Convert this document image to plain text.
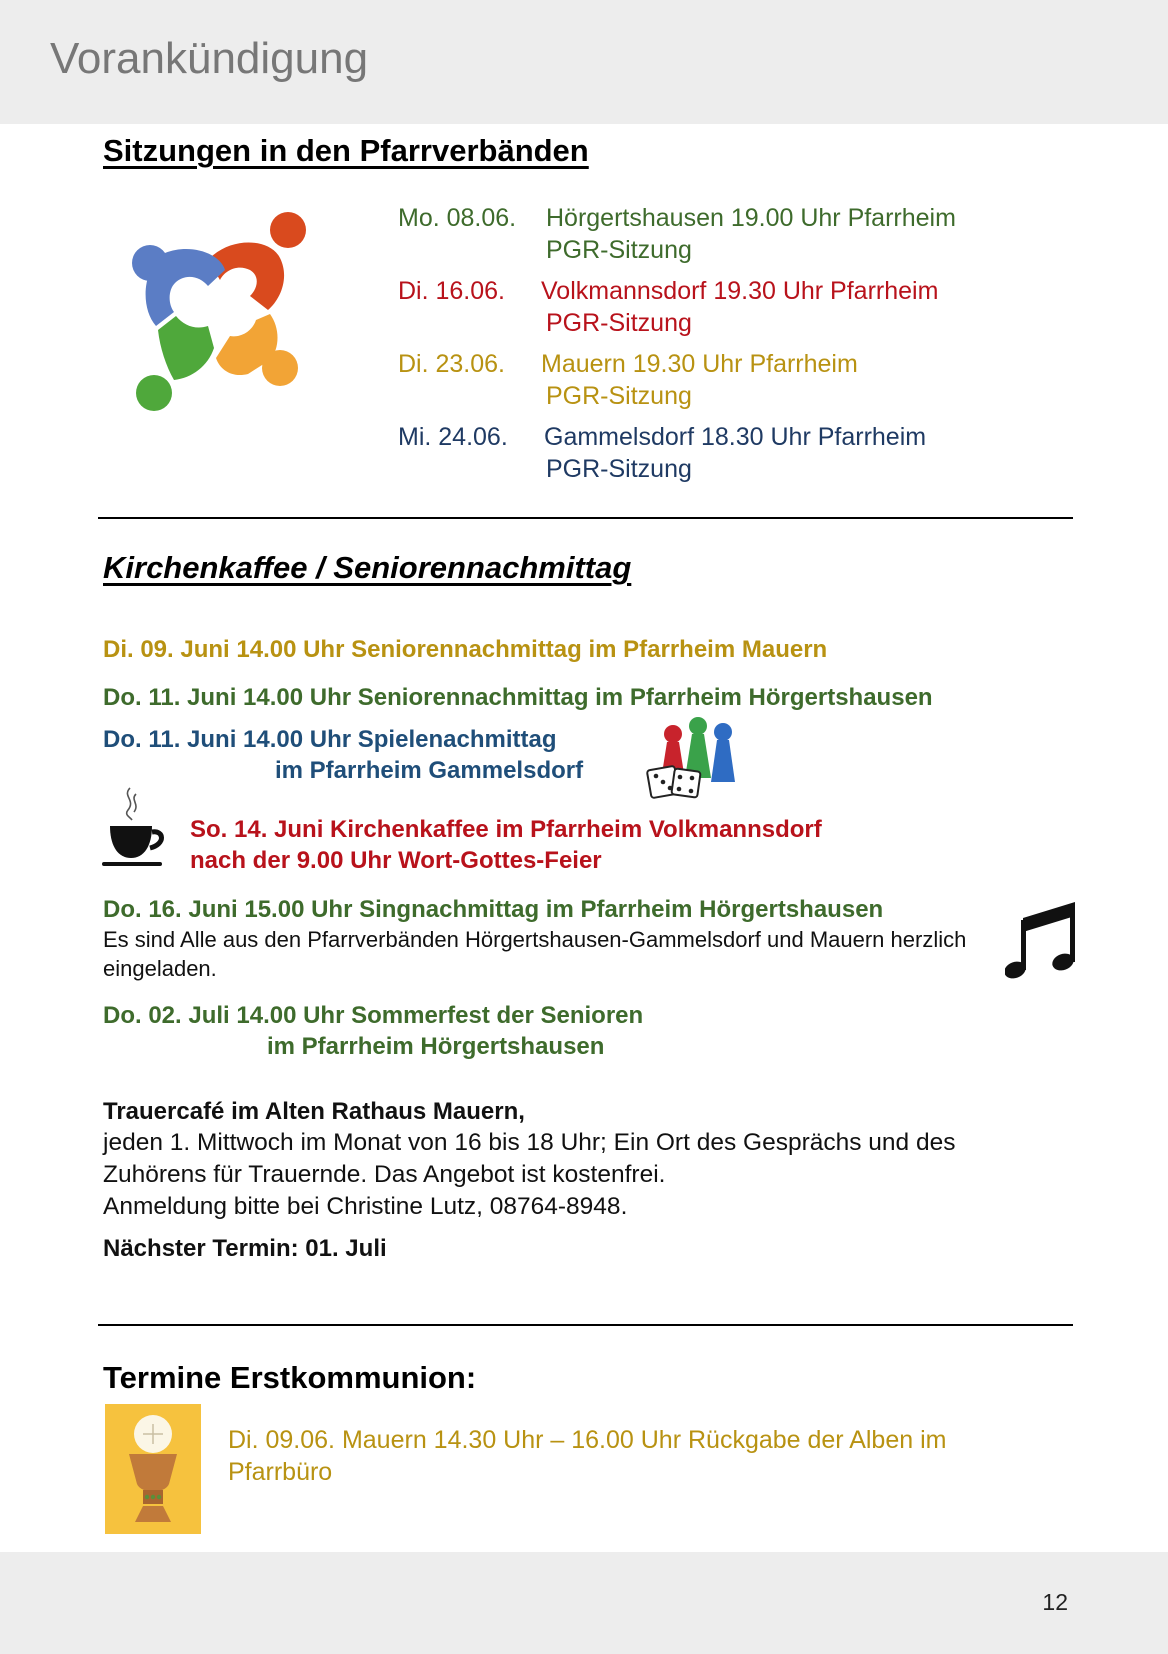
Vorankündigung
Sitzungen in den Pfarrverbänden
Mo. 08.06. Hörgertshausen 19.00 Uhr Pfarrheim
PGR-Sitzung
Di. 16.06. Volkmannsdorf 19.30 Uhr Pfarrheim
PGR-Sitzung
Di. 23.06. Mauern 19.30 Uhr Pfarrheim
PGR-Sitzung
Mi. 24.06. Gammelsdorf 18.30 Uhr Pfarrheim
PGR-Sitzung
Kirchenkaffee / Seniorennachmittag
Di. 09. Juni 14.00 Uhr Seniorennachmittag im Pfarrheim Mauern
Do. 11. Juni 14.00 Uhr Seniorennachmittag im Pfarrheim Hörgertshausen
Do. 11. Juni 14.00 Uhr Spielenachmittag
im Pfarrheim Gammelsdorf
So. 14. Juni Kirchenkaffee im Pfarrheim Volkmannsdorf
nach der 9.00 Uhr Wort-Gottes-Feier
Do. 16. Juni 15.00 Uhr Singnachmittag im Pfarrheim Hörgertshausen
Es sind Alle aus den Pfarrverbänden Hörgertshausen-Gammelsdorf und Mauern herzlich eingeladen.
Do. 02. Juli 14.00 Uhr Sommerfest der Senioren
im Pfarrheim Hörgertshausen
Trauercafé im Alten Rathaus Mauern,
jeden 1. Mittwoch im Monat von 16 bis 18 Uhr; Ein Ort des Gesprächs und des
Zuhörens für Trauernde. Das Angebot ist kostenfrei.
Anmeldung bitte bei Christine Lutz, 08764-8948.
Nächster Termin: 01. Juli
Termine Erstkommunion:
Di. 09.06. Mauern 14.30 Uhr – 16.00 Uhr Rückgabe der Alben im
Pfarrbüro
12
